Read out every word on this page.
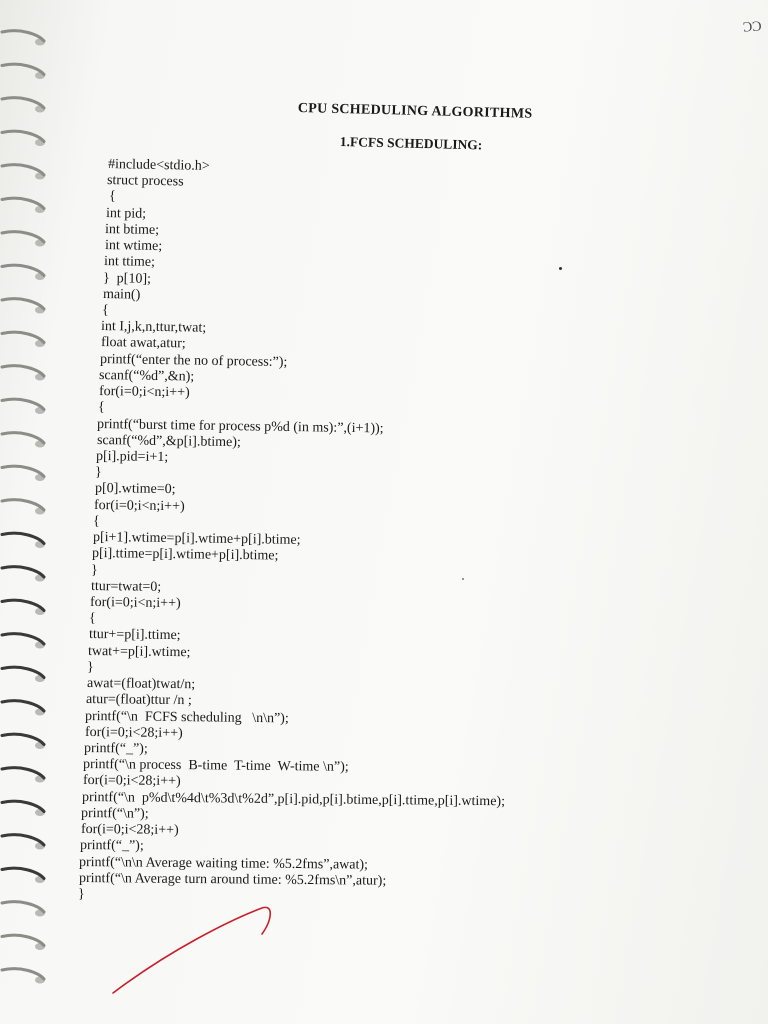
ƆƆ
CPU SCHEDULING ALGORITHMS
1.FCFS SCHEDULING:
#include<stdio.h>
struct process
{
int pid;
int btime;
int wtime;
int ttime;
}  p[10];
main()
{
int I,j,k,n,ttur,twat;
float awat,atur;
printf(“enter the no of process:”);
scanf(“%d”,&n);
for(i=0;i<n;i++)
{
printf(“burst time for process p%d (in ms):”,(i+1));
scanf(“%d”,&p[i].btime);
p[i].pid=i+1;
}
p[0].wtime=0;
for(i=0;i<n;i++)
{
p[i+1].wtime=p[i].wtime+p[i].btime;
p[i].ttime=p[i].wtime+p[i].btime;
}
ttur=twat=0;
for(i=0;i<n;i++)
{
ttur+=p[i].ttime;
twat+=p[i].wtime;
}
awat=(float)twat/n;
atur=(float)ttur /n ;
printf(“\n  FCFS scheduling   \n\n”);
for(i=0;i<28;i++)
printf(“_”);
printf(“\n process  B-time  T-time  W-time \n”);
for(i=0;i<28;i++)
printf(“\n  p%d\t%4d\t%3d\t%2d”,p[i].pid,p[i].btime,p[i].ttime,p[i].wtime);
printf(“\n”);
for(i=0;i<28;i++)
printf(“_”);
printf(“\n\n Average waiting time: %5.2fms”,awat);
printf(“\n Average turn around time: %5.2fms\n”,atur);
}
